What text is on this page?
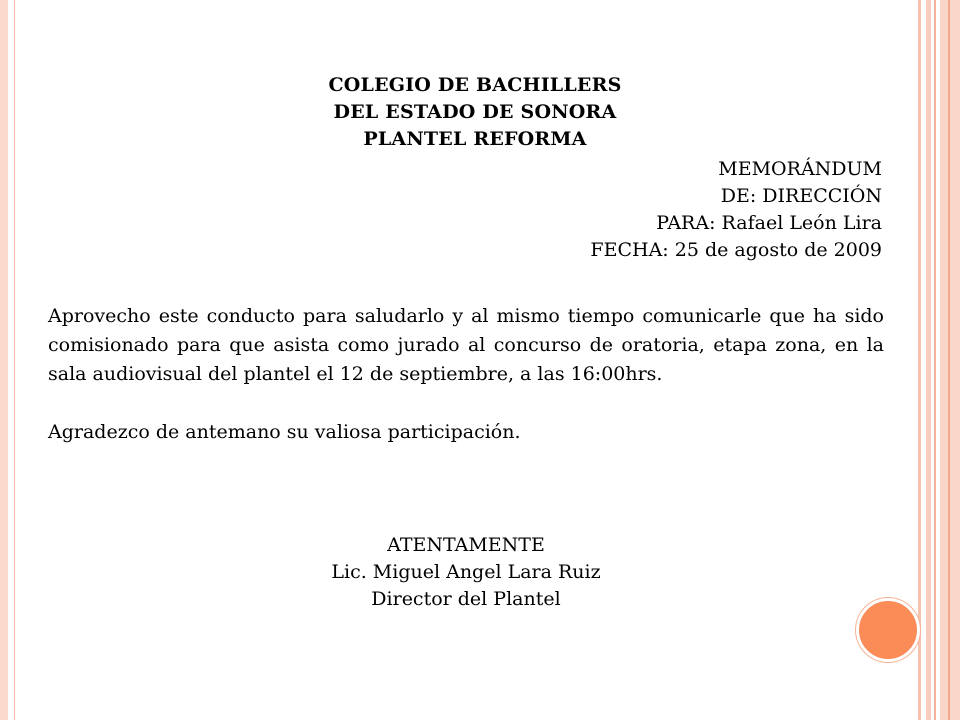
COLEGIO DE BACHILLERS
DEL ESTADO DE SONORA
PLANTEL REFORMA
MEMORÁNDUM
DE: DIRECCIÓN
PARA: Rafael León Lira
FECHA: 25 de agosto de 2009

Aprovecho este conducto para saludarlo y al mismo tiempo comunicarle que ha sido comisionado para que asista como jurado al concurso de oratoria, etapa zona, en la sala audiovisual del plantel el 12 de septiembre, a las 16:00hrs.

Agradezco de antemano su valiosa participación.

ATENTAMENTE
Lic. Miguel Angel Lara Ruiz
Director del Plantel
